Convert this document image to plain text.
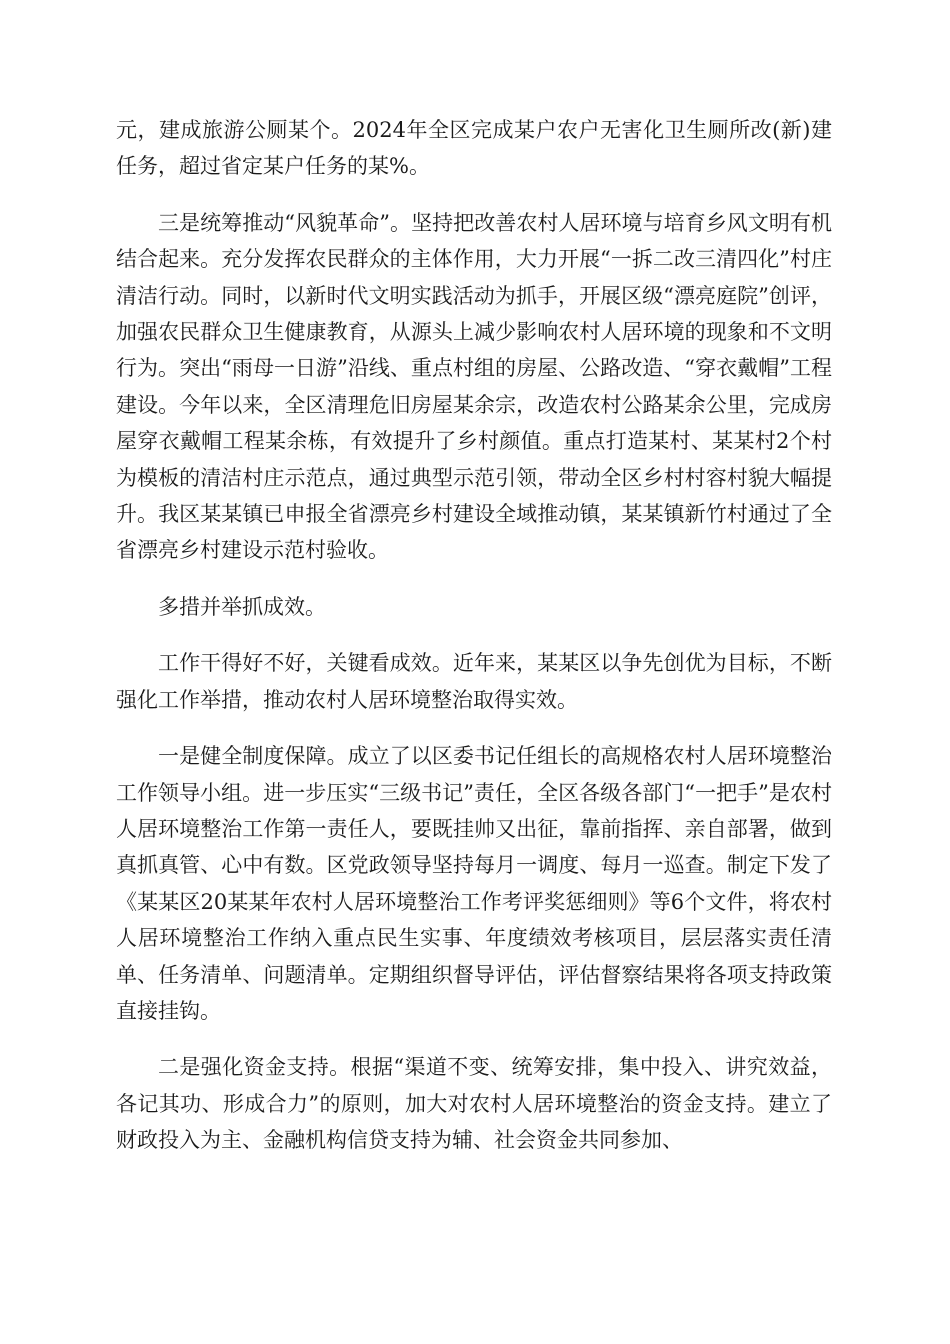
元，建成旅游公厕某个。2024年全区完成某户农户无害化卫生厕所改(新)建任务，超过省定某户任务的某%。

三是统筹推动“风貌革命”。坚持把改善农村人居环境与培育乡风文明有机结合起来。充分发挥农民群众的主体作用，大力开展“一拆二改三清四化”村庄清洁行动。同时，以新时代文明实践活动为抓手，开展区级“漂亮庭院”创评，加强农民群众卫生健康教育，从源头上减少影响农村人居环境的现象和不文明行为。突出“雨母一日游”沿线、重点村组的房屋、公路改造、“穿衣戴帽”工程建设。今年以来，全区清理危旧房屋某余宗，改造农村公路某余公里，完成房屋穿衣戴帽工程某余栋，有效提升了乡村颜值。重点打造某村、某某村2个村为模板的清洁村庄示范点，通过典型示范引领，带动全区乡村村容村貌大幅提升。我区某某镇已申报全省漂亮乡村建设全域推动镇，某某镇新竹村通过了全省漂亮乡村建设示范村验收。

多措并举抓成效。

工作干得好不好，关键看成效。近年来，某某区以争先创优为目标，不断强化工作举措，推动农村人居环境整治取得实效。

一是健全制度保障。成立了以区委书记任组长的高规格农村人居环境整治工作领导小组。进一步压实“三级书记”责任，全区各级各部门“一把手”是农村人居环境整治工作第一责任人，要既挂帅又出征，靠前指挥、亲自部署，做到真抓真管、心中有数。区党政领导坚持每月一调度、每月一巡查。制定下发了《某某区20某某年农村人居环境整治工作考评奖惩细则》等6个文件，将农村人居环境整治工作纳入重点民生实事、年度绩效考核项目，层层落实责任清单、任务清单、问题清单。定期组织督导评估，评估督察结果将各项支持政策直接挂钩。

二是强化资金支持。根据“渠道不变、统筹安排，集中投入、讲究效益，各记其功、形成合力”的原则，加大对农村人居环境整治的资金支持。建立了财政投入为主、金融机构信贷支持为辅、社会资金共同参加、
